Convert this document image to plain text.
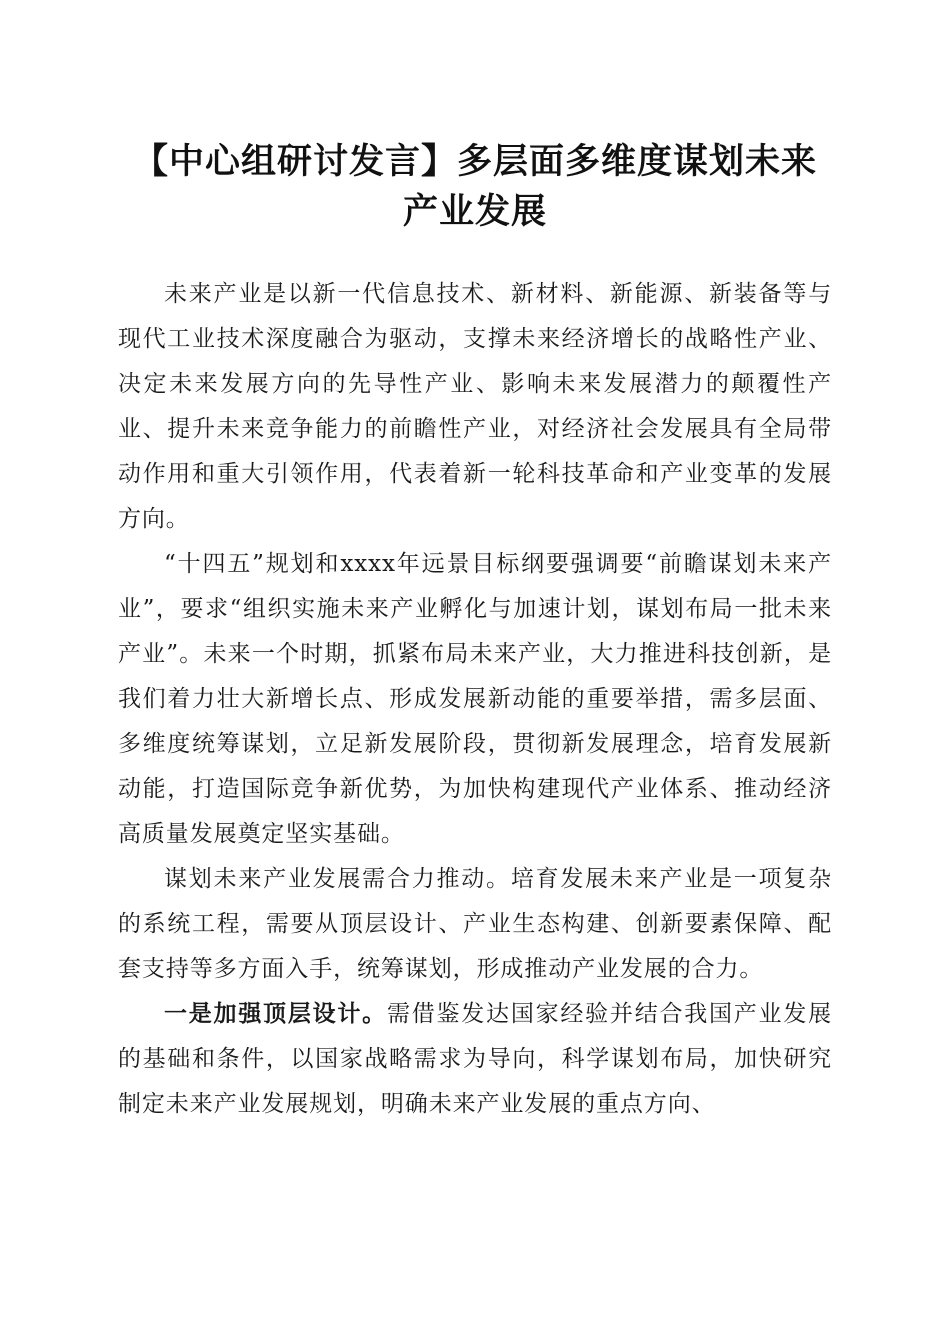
【中心组研讨发言】多层面多维度谋划未来产业发展

未来产业是以新一代信息技术、新材料、新能源、新装备等与现代工业技术深度融合为驱动，支撑未来经济增长的战略性产业、决定未来发展方向的先导性产业、影响未来发展潜力的颠覆性产业、提升未来竞争能力的前瞻性产业，对经济社会发展具有全局带动作用和重大引领作用，代表着新一轮科技革命和产业变革的发展方向。

“十四五”规划和xxxx年远景目标纲要强调要“前瞻谋划未来产业”，要求“组织实施未来产业孵化与加速计划，谋划布局一批未来产业”。未来一个时期，抓紧布局未来产业，大力推进科技创新，是我们着力壮大新增长点、形成发展新动能的重要举措，需多层面、多维度统筹谋划，立足新发展阶段，贯彻新发展理念，培育发展新动能，打造国际竞争新优势，为加快构建现代产业体系、推动经济高质量发展奠定坚实基础。

谋划未来产业发展需合力推动。培育发展未来产业是一项复杂的系统工程，需要从顶层设计、产业生态构建、创新要素保障、配套支持等多方面入手，统筹谋划，形成推动产业发展的合力。

一是加强顶层设计。需借鉴发达国家经验并结合我国产业发展的基础和条件，以国家战略需求为导向，科学谋划布局，加快研究制定未来产业发展规划，明确未来产业发展的重点方向、
